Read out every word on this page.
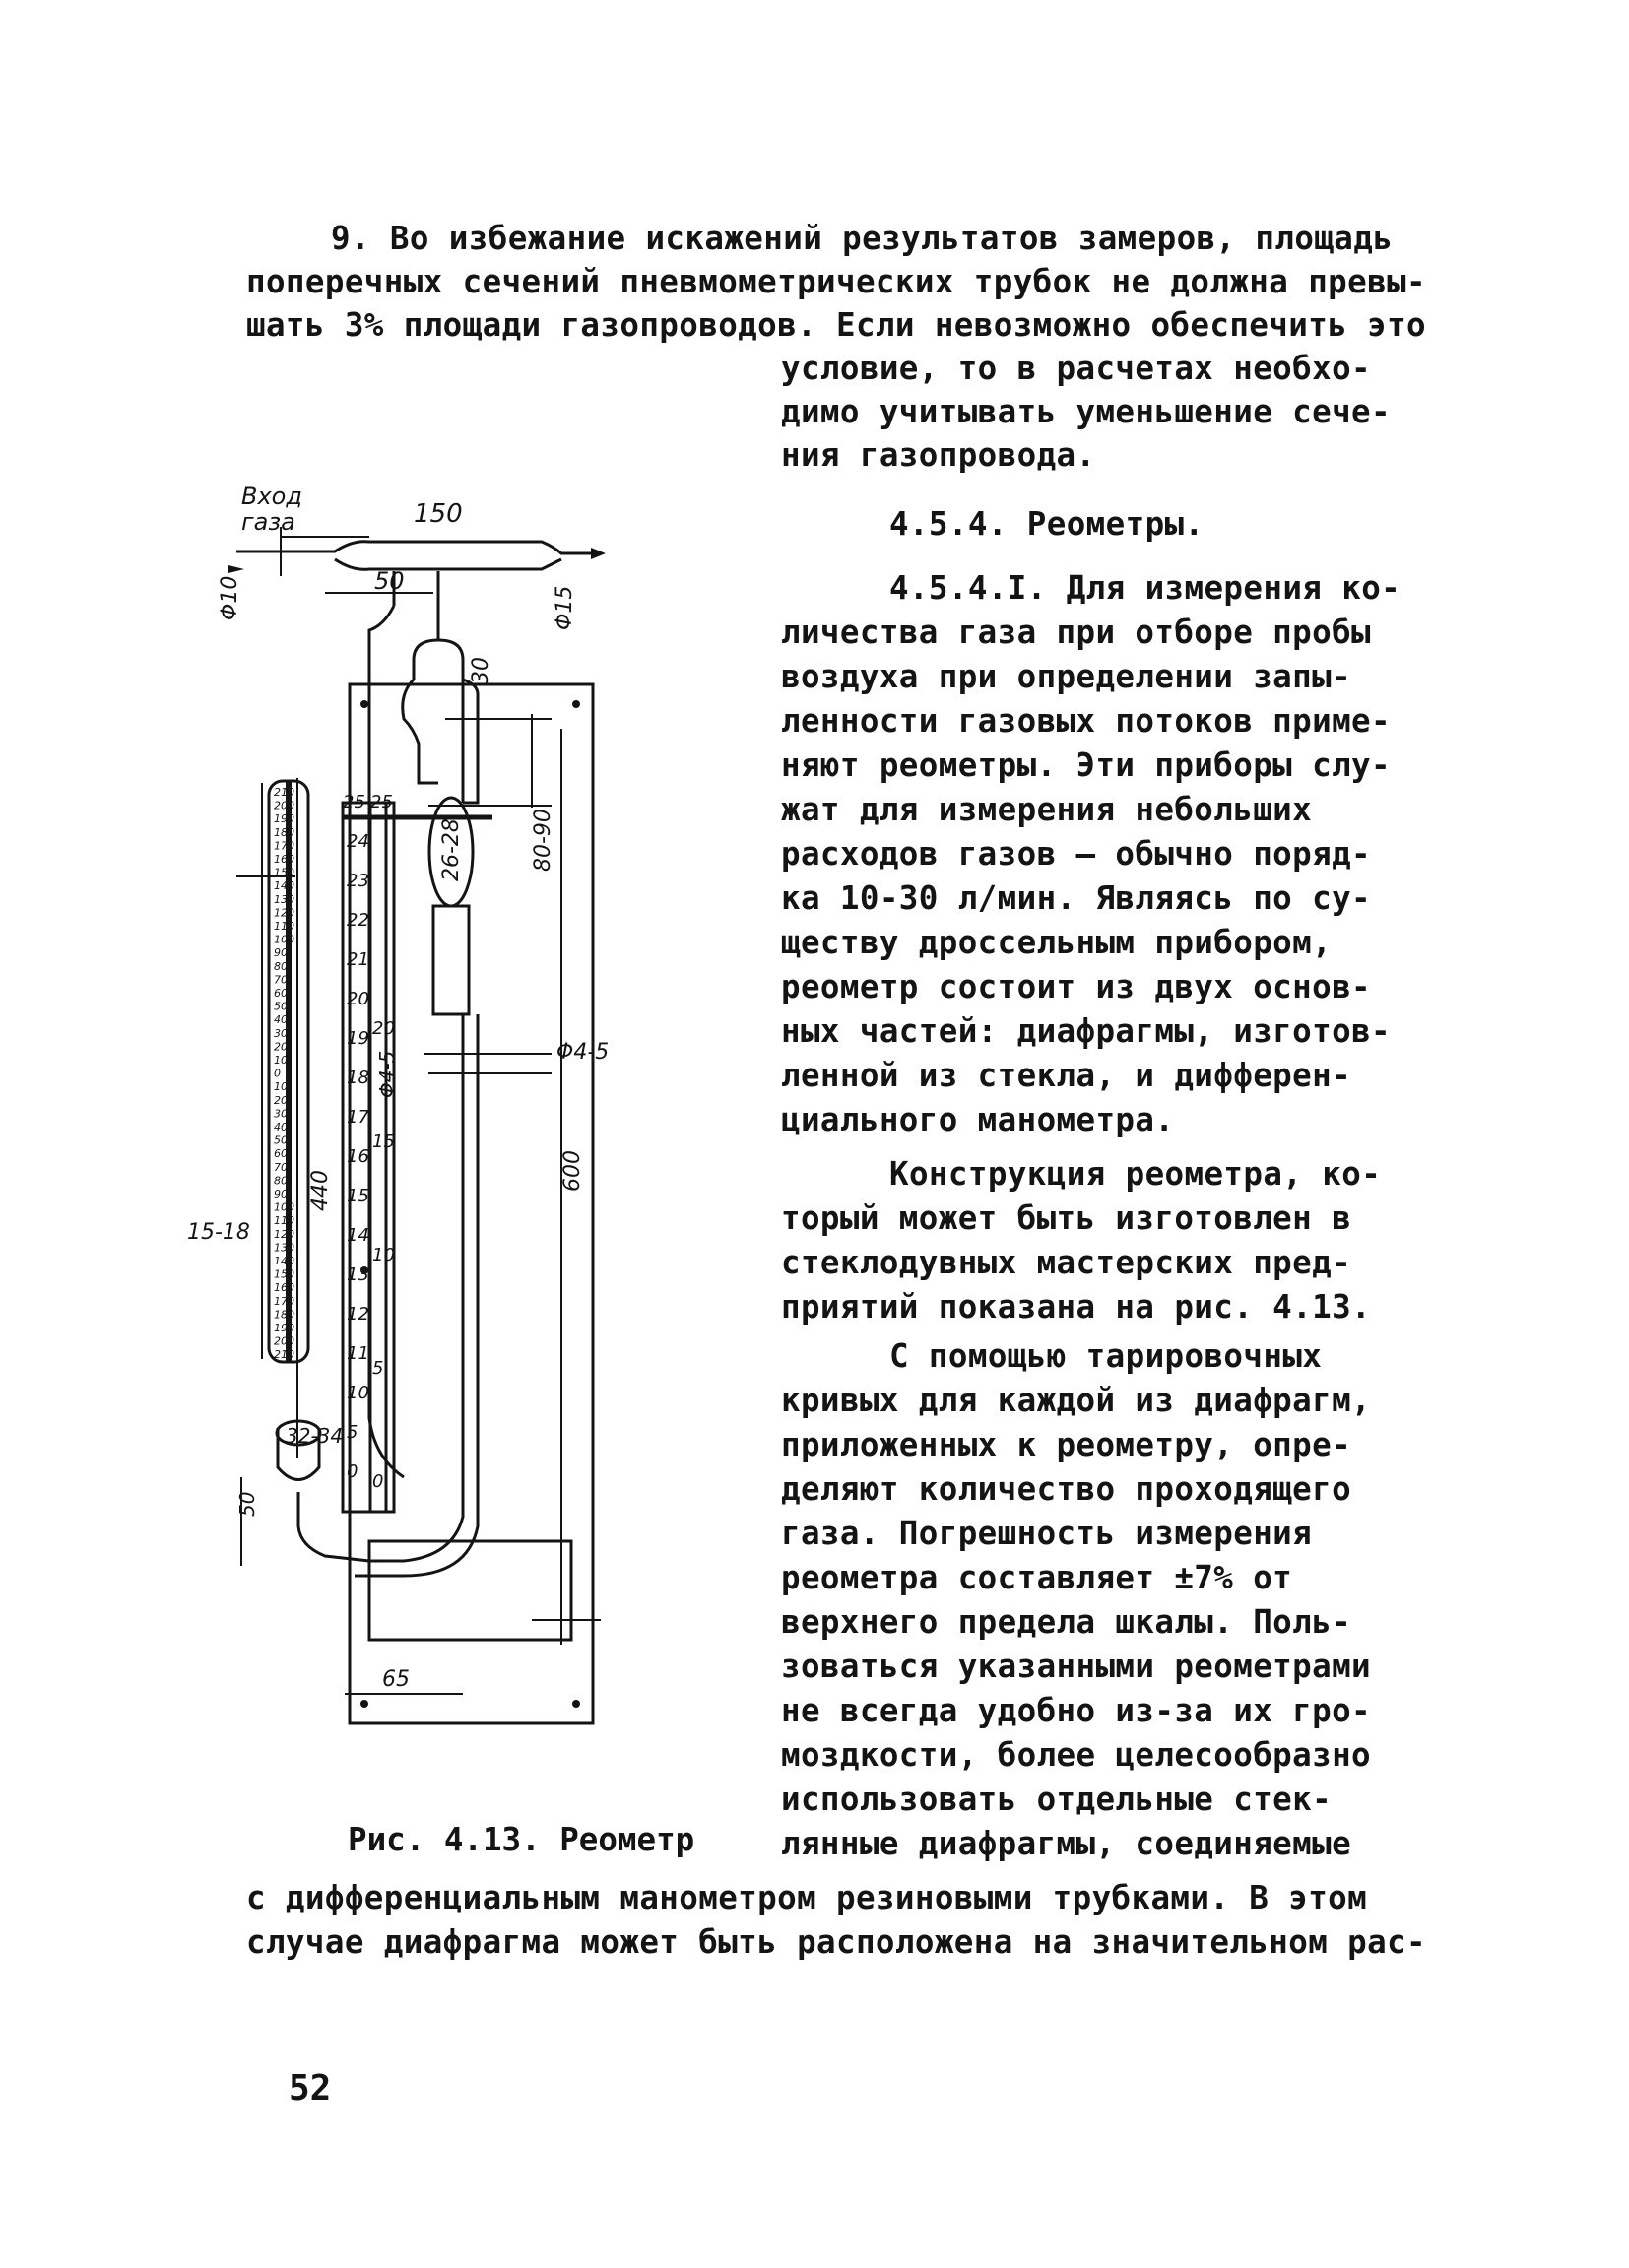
9. Во избежание искажений результатов замеров, площадь
поперечных сечений пневмометрических трубок не должна превы-
шать 3% площади газопроводов. Если невозможно обеспечить это
условие, то в расчетах необхо-
димо учитывать уменьшение сече-
ния газопровода.
4.5.4. Реометры.
4.5.4.I. Для измерения ко-
личества газа при отборе пробы
воздуха при определении запы-
ленности газовых потоков приме-
няют реометры. Эти приборы слу-
жат для измерения небольших
расходов газов – обычно поряд-
ка 10-30 л/мин. Являясь по су-
ществу дроссельным прибором,
реометр состоит из двух основ-
ных частей: диафрагмы, изготов-
ленной из стекла, и дифферен-
циального манометра.
Конструкция реометра, ко-
торый может быть изготовлен в
стеклодувных мастерских пред-
приятий показана на рис. 4.13.
С помощью тарировочных
кривых для каждой из диафрагм,
приложенных к реометру, опре-
деляют количество проходящего
газа. Погрешность измерения
реометра составляет ±7% от
верхнего предела шкалы. Поль-
зоваться указанными реометрами
не всегда удобно из-за их гро-
моздкости, более целесообразно
использовать отдельные стек-
лянные диафрагмы, соединяемые
с дифференциальным манометром резиновыми трубками. В этом
случае диафрагма может быть расположена на значительном рас-
Рис. 4.13. Реометр
52
Вход
газа	150
50
Φ10	Φ15
30
26-28	80-90
440
Φ4-5	Φ4-5
600
15-18
32-34
50
65
25 25
24
23
22
21
20
19
18
17
16
15
14
13
12
11
10
5
0
20
15
10
5
0
210
200
190
180
170
160
150
140
130
120
110
100
90
80
70
60
50
40
30
20
10
0
10
20
30
40
50
60
70
80
90
100
110
120
130
140
150
160
170
180
190
200
210
